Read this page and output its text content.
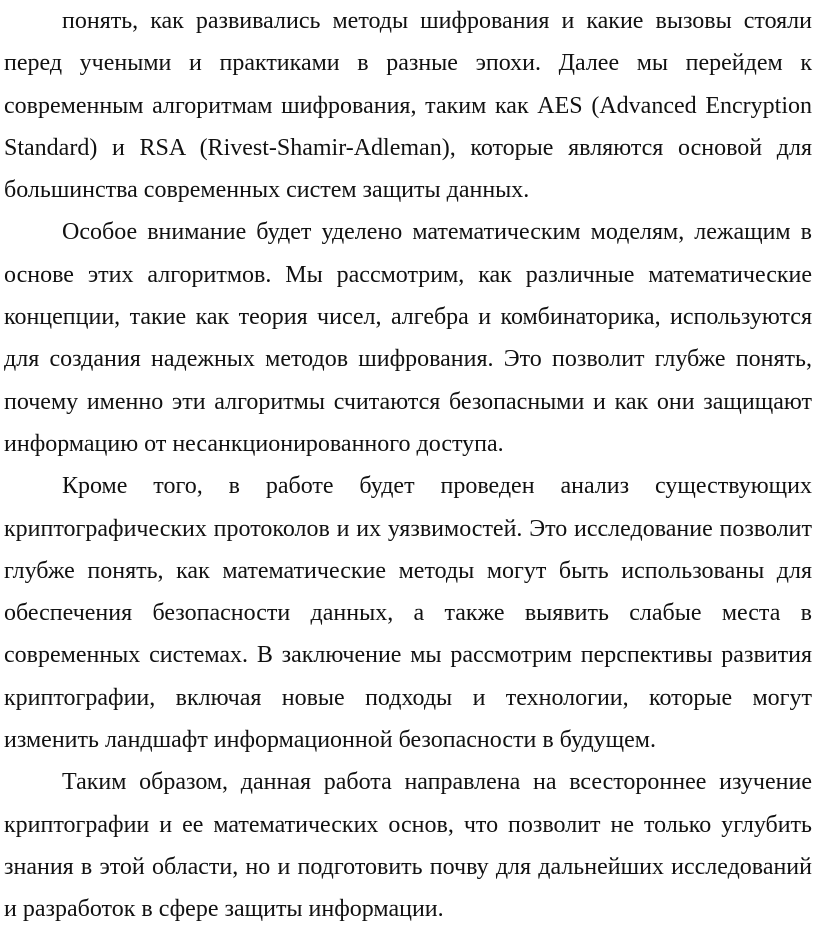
понять, как развивались методы шифрования и какие вызовы стояли перед учеными и практиками в разные эпохи. Далее мы перейдем к современным алгоритмам шифрования, таким как AES (Advanced Encryption Standard) и RSA (Rivest-Shamir-Adleman), которые являются основой для большинства современных систем защиты данных.

Особое внимание будет уделено математическим моделям, лежащим в основе этих алгоритмов. Мы рассмотрим, как различные математические концепции, такие как теория чисел, алгебра и комбинаторика, используются для создания надежных методов шифрования. Это позволит глубже понять, почему именно эти алгоритмы считаются безопасными и как они защищают информацию от несанкционированного доступа.

Кроме того, в работе будет проведен анализ существующих криптографических протоколов и их уязвимостей. Это исследование позволит глубже понять, как математические методы могут быть использованы для обеспечения безопасности данных, а также выявить слабые места в современных системах. В заключение мы рассмотрим перспективы развития криптографии, включая новые подходы и технологии, которые могут изменить ландшафт информационной безопасности в будущем.

Таким образом, данная работа направлена на всестороннее изучение криптографии и ее математических основ, что позволит не только углубить знания в этой области, но и подготовить почву для дальнейших исследований и разработок в сфере защиты информации.
